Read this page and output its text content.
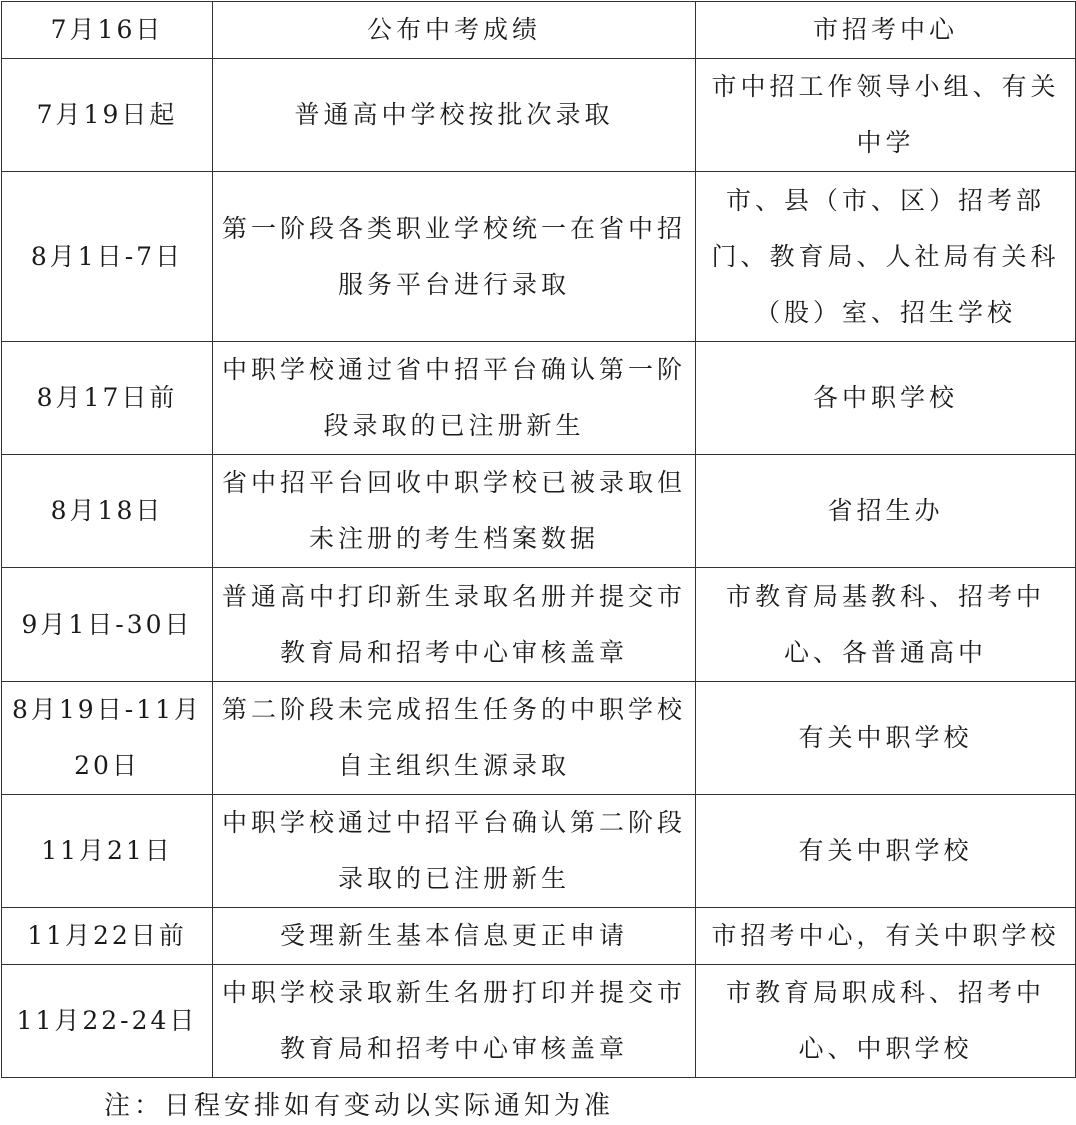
7月16日	公布中考成绩	市招考中心
7月19日起	普通高中学校按批次录取	市中招工作领导小组、有关中学
8月1日-7日	第一阶段各类职业学校统一在省中招服务平台进行录取	市、县（市、区）招考部门、教育局、人社局有关科（股）室、招生学校
8月17日前	中职学校通过省中招平台确认第一阶段录取的已注册新生	各中职学校
8月18日	省中招平台回收中职学校已被录取但未注册的考生档案数据	省招生办
9月1日-30日	普通高中打印新生录取名册并提交市教育局和招考中心审核盖章	市教育局基教科、招考中心、各普通高中
8月19日-11月20日	第二阶段未完成招生任务的中职学校自主组织生源录取	有关中职学校
11月21日	中职学校通过中招平台确认第二阶段录取的已注册新生	有关中职学校
11月22日前	受理新生基本信息更正申请	市招考中心，有关中职学校
11月22-24日	中职学校录取新生名册打印并提交市教育局和招考中心审核盖章	市教育局职成科、招考中心、中职学校
注：日程安排如有变动以实际通知为准
